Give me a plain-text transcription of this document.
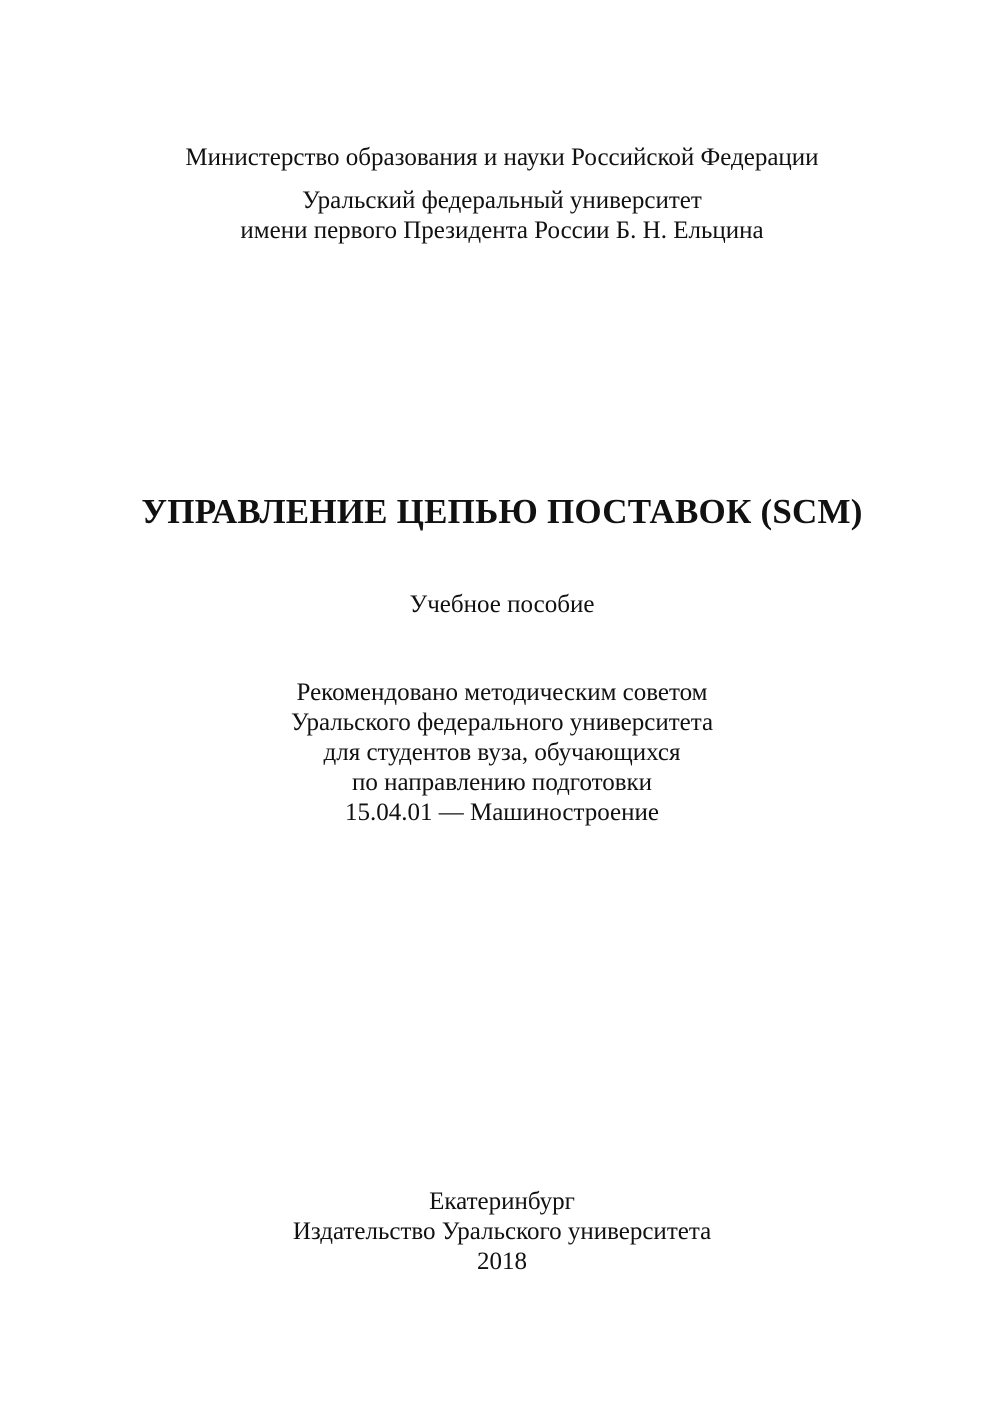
Министерство образования и науки Российской Федерации
Уральский федеральный университет
имени первого Президента России Б. Н. Ельцина
УПРАВЛЕНИЕ ЦЕПЬЮ ПОСТАВОК (SCM)
Учебное пособие
Рекомендовано методическим советом
Уральского федерального университета
для студентов вуза, обучающихся
по направлению подготовки
15.04.01 — Машиностроение
Екатеринбург
Издательство Уральского университета
2018
